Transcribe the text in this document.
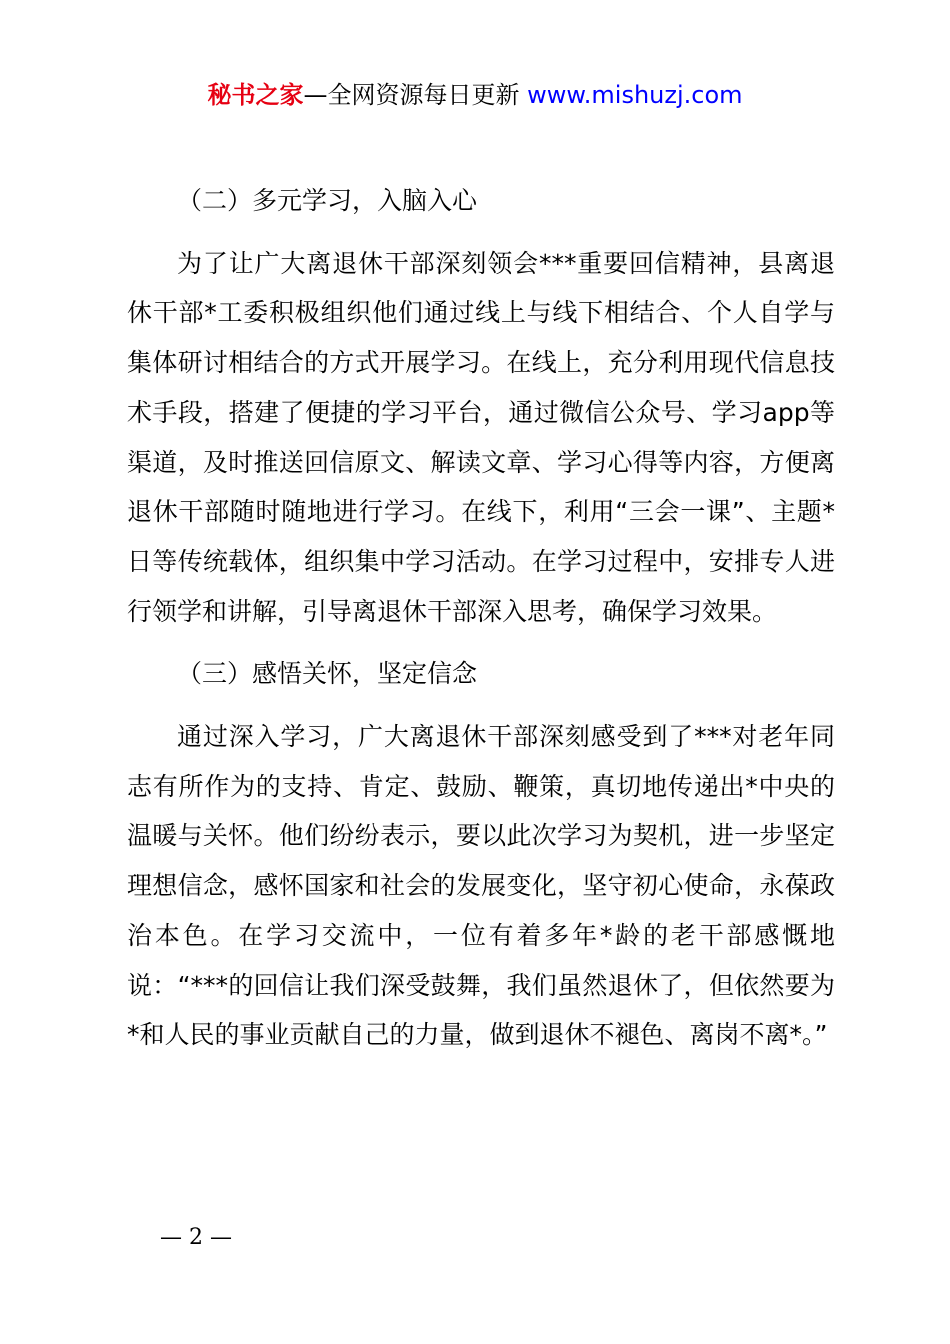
秘书之家—全网资源每日更新 www.mishuzj.com

（二）多元学习，入脑入心

为了让广大离退休干部深刻领会***重要回信精神，县离退休干部*工委积极组织他们通过线上与线下相结合、个人自学与集体研讨相结合的方式开展学习。在线上，充分利用现代信息技术手段，搭建了便捷的学习平台，通过微信公众号、学习app等渠道，及时推送回信原文、解读文章、学习心得等内容，方便离退休干部随时随地进行学习。在线下，利用“三会一课”、主题*日等传统载体，组织集中学习活动。在学习过程中，安排专人进行领学和讲解，引导离退休干部深入思考，确保学习效果。

（三）感悟关怀，坚定信念

通过深入学习，广大离退休干部深刻感受到了***对老年同志有所作为的支持、肯定、鼓励、鞭策，真切地传递出*中央的温暖与关怀。他们纷纷表示，要以此次学习为契机，进一步坚定理想信念，感怀国家和社会的发展变化，坚守初心使命，永葆政治本色。在学习交流中，一位有着多年*龄的老干部感慨地说：“***的回信让我们深受鼓舞，我们虽然退休了，但依然要为*和人民的事业贡献自己的力量，做到退休不褪色、离岗不离*。”

— 2 —
